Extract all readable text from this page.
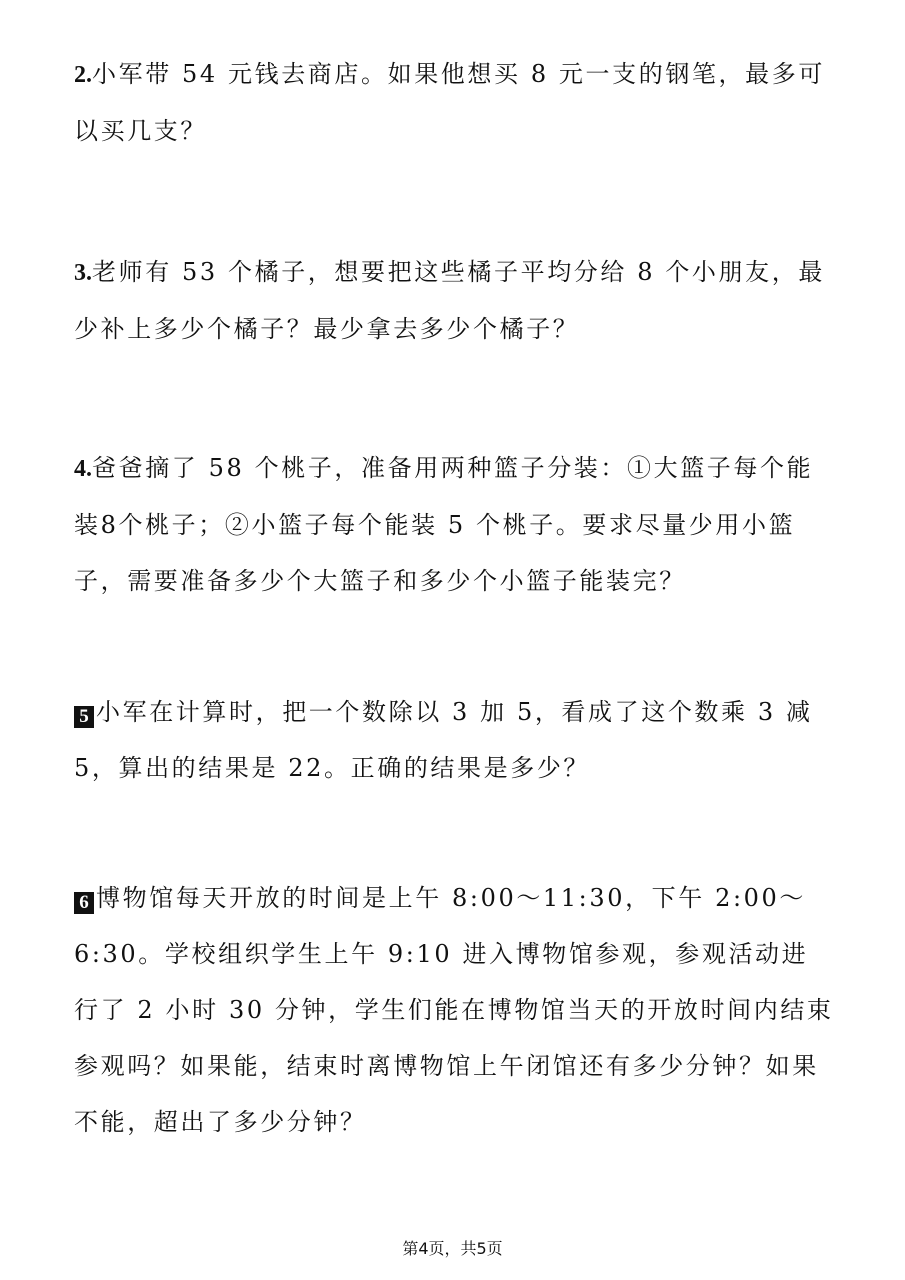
2.小军带 54 元钱去商店。如果他想买 8 元一支的钢笔，最多可以买几支？
3.老师有 53 个橘子，想要把这些橘子平均分给 8 个小朋友，最少补上多少个橘子？最少拿去多少个橘子？
4.爸爸摘了 58 个桃子，准备用两种篮子分装：①大篮子每个能装8个桃子；②小篮子每个能装 5 个桃子。要求尽量少用小篮子，需要准备多少个大篮子和多少个小篮子能装完？
5 小军在计算时，把一个数除以 3 加 5，看成了这个数乘 3 减 5，算出的结果是 22。正确的结果是多少？
6 博物馆每天开放的时间是上午 8:00～11:30，下午 2:00～6:30。学校组织学生上午 9:10 进入博物馆参观，参观活动进行了 2 小时 30 分钟，学生们能在博物馆当天的开放时间内结束参观吗？如果能，结束时离博物馆上午闭馆还有多少分钟？如果不能，超出了多少分钟？
第4页，共5页
